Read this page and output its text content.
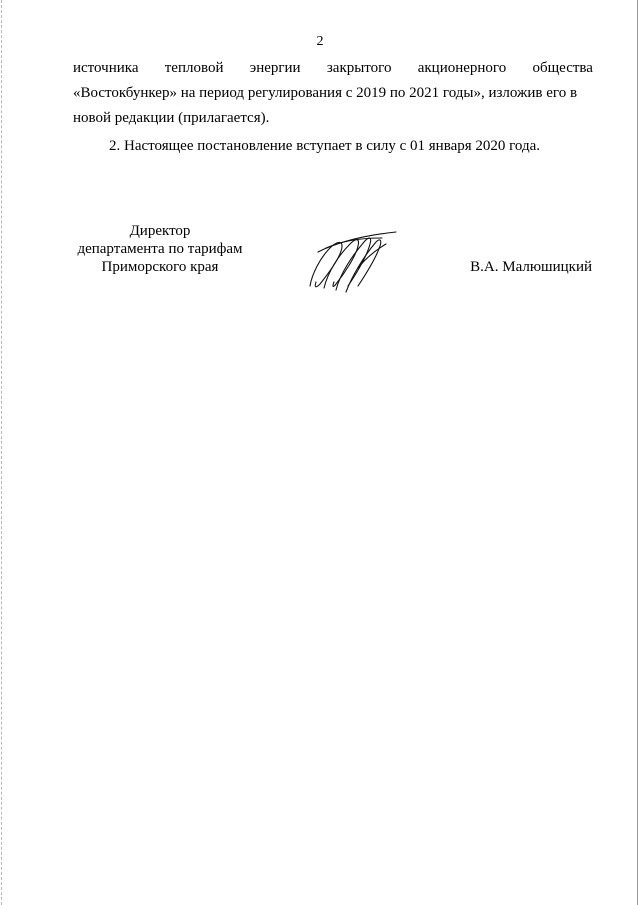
2
источника тепловой энергии закрытого акционерного общества
«Востокбункер» на период регулирования с 2019 по 2021 годы», изложив его в
новой редакции (прилагается).
2. Настоящее постановление вступает в силу с 01 января 2020 года.
Директор
департамента по тарифам
Приморского края	В.А. Малюшицкий
